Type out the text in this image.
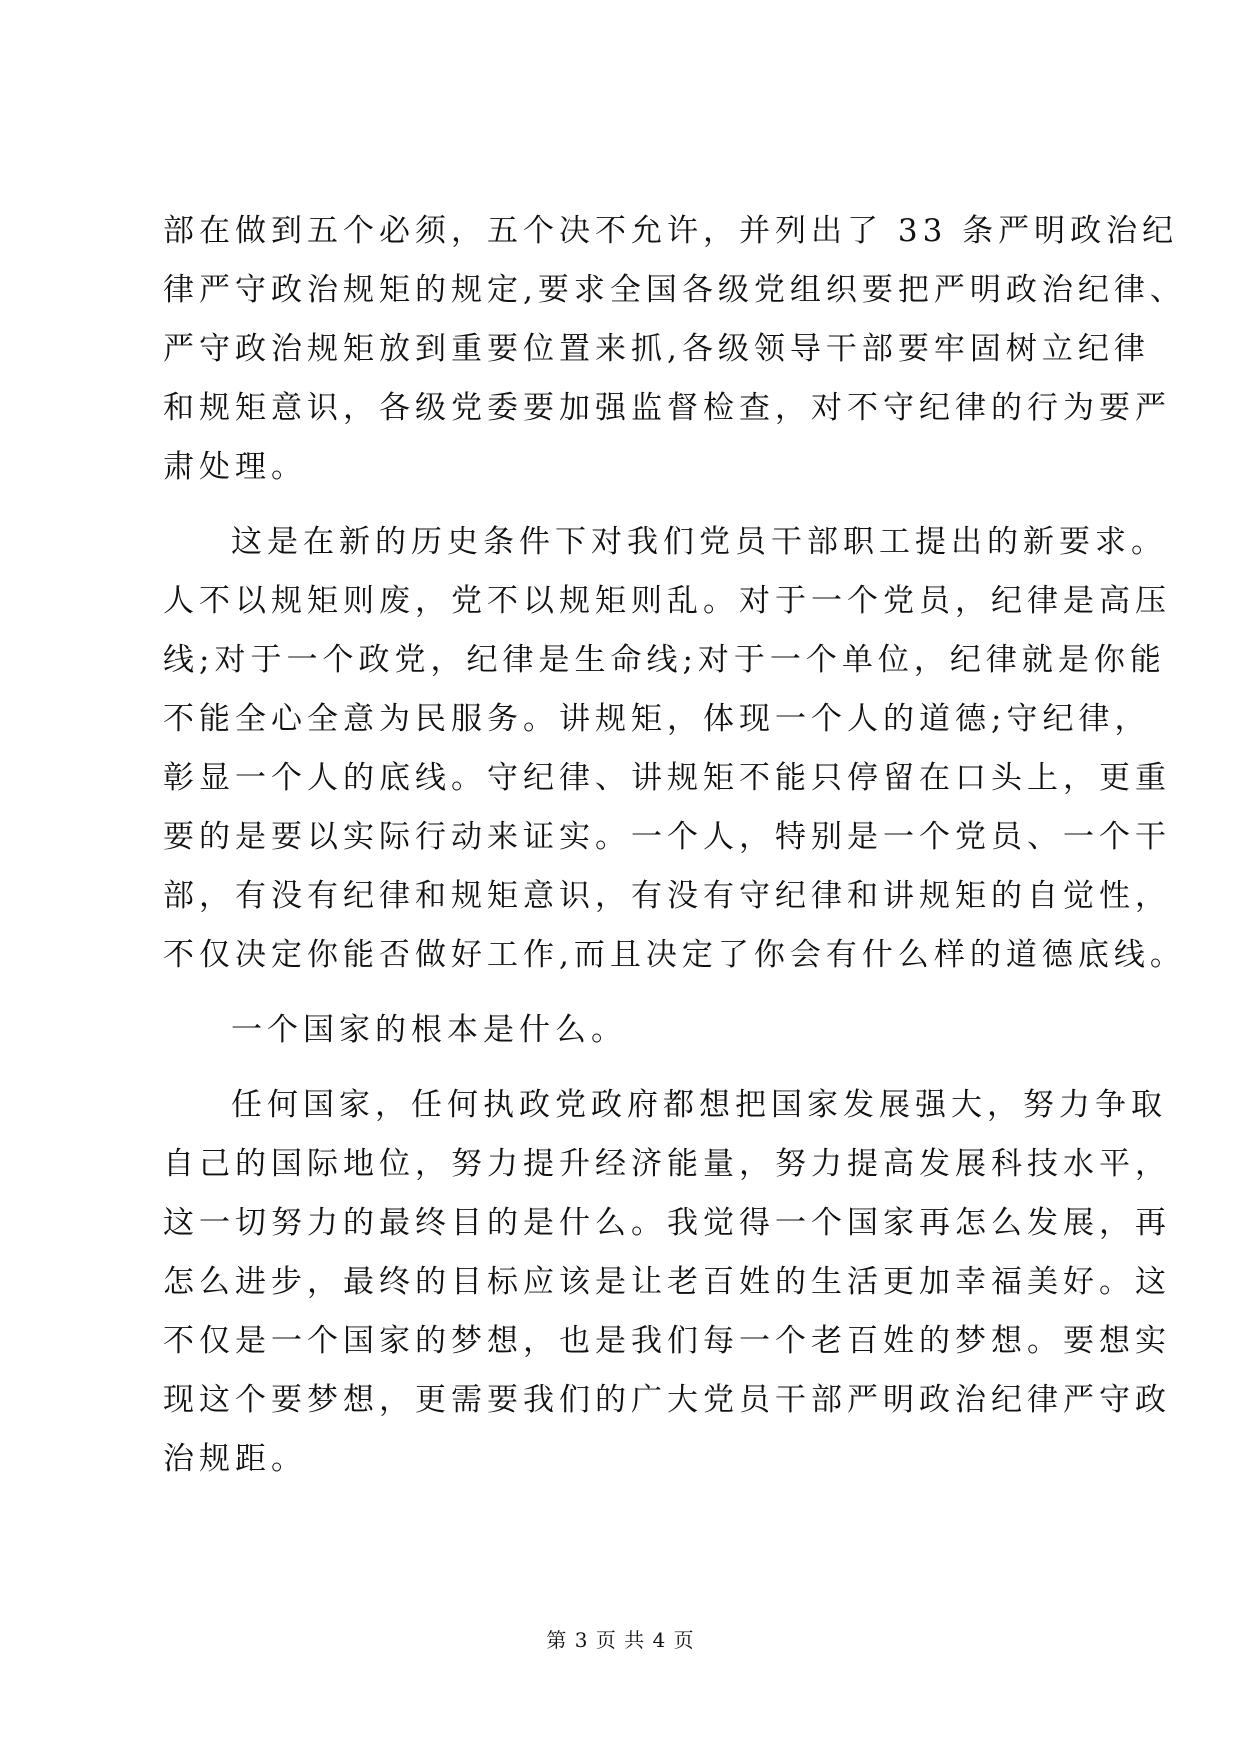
部在做到五个必须，五个决不允许，并列出了 33 条严明政治纪
律严守政治规矩的规定,要求全国各级党组织要把严明政治纪律、
严守政治规矩放到重要位置来抓,各级领导干部要牢固树立纪律
和规矩意识，各级党委要加强监督检查，对不守纪律的行为要严
肃处理。
这是在新的历史条件下对我们党员干部职工提出的新要求。
人不以规矩则废，党不以规矩则乱。对于一个党员，纪律是高压
线;对于一个政党，纪律是生命线;对于一个单位，纪律就是你能
不能全心全意为民服务。讲规矩，体现一个人的道德;守纪律，
彰显一个人的底线。守纪律、讲规矩不能只停留在口头上，更重
要的是要以实际行动来证实。一个人，特别是一个党员、一个干
部，有没有纪律和规矩意识，有没有守纪律和讲规矩的自觉性，
不仅决定你能否做好工作,而且决定了你会有什么样的道德底线。
一个国家的根本是什么。
任何国家，任何执政党政府都想把国家发展强大，努力争取
自己的国际地位，努力提升经济能量，努力提高发展科技水平，
这一切努力的最终目的是什么。我觉得一个国家再怎么发展，再
怎么进步，最终的目标应该是让老百姓的生活更加幸福美好。这
不仅是一个国家的梦想，也是我们每一个老百姓的梦想。要想实
现这个要梦想，更需要我们的广大党员干部严明政治纪律严守政
治规距。
第 3 页 共 4 页
